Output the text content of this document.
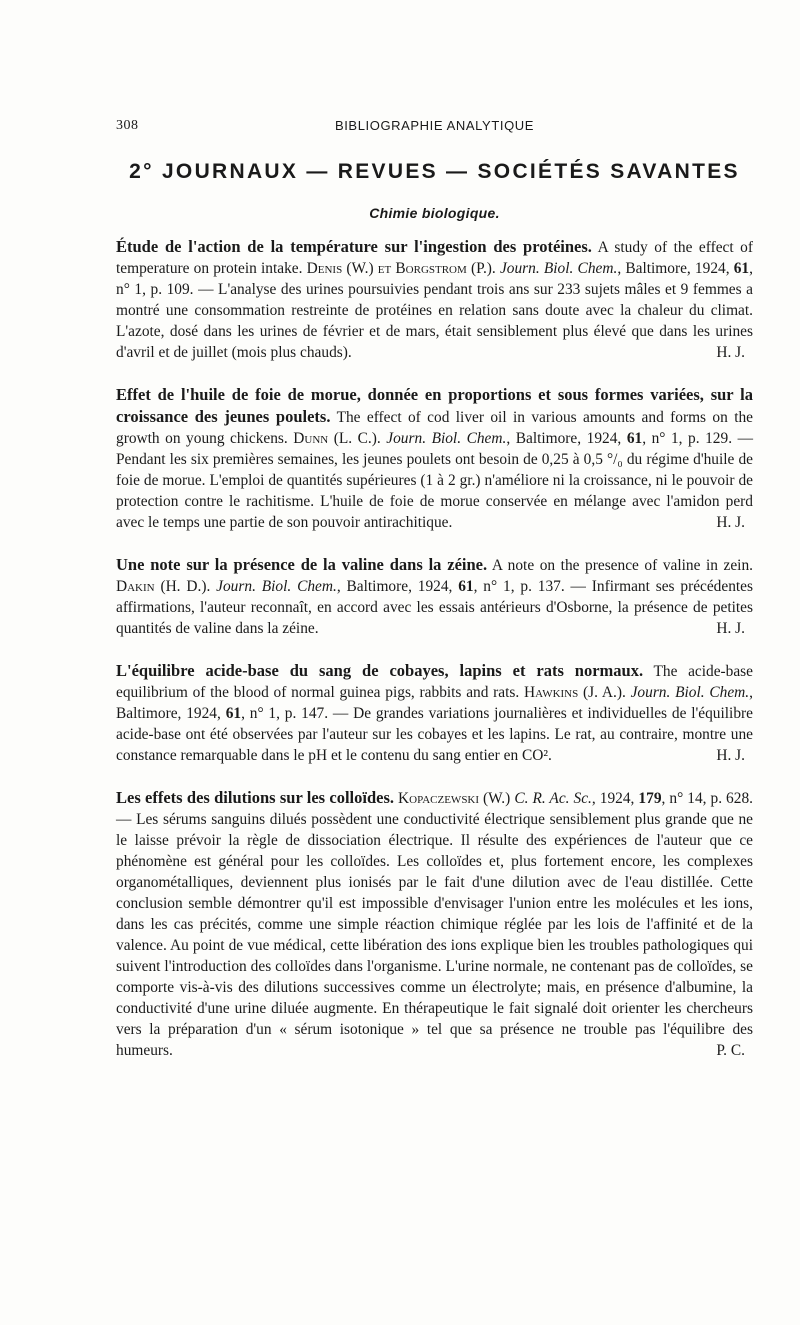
308	BIBLIOGRAPHIE ANALYTIQUE
2° JOURNAUX — REVUES — SOCIÉTÉS SAVANTES
Chimie biologique.

Étude de l'action de la température sur l'ingestion des protéines. A study of the effect of temperature on protein intake. Denis (W.) et Borgstrom (P.). Journ. Biol. Chem., Baltimore, 1924, 61, n° 1, p. 109. — L'analyse des urines poursuivies pendant trois ans sur 233 sujets mâles et 9 femmes a montré une consommation restreinte de protéines en relation sans doute avec la chaleur du climat. L'azote, dosé dans les urines de février et de mars, était sensiblement plus élevé que dans les urines d'avril et de juillet (mois plus chauds).	H. J.

Effet de l'huile de foie de morue, donnée en proportions et sous formes variées, sur la croissance des jeunes poulets. The effect of cod liver oil in various amounts and forms on the growth on young chickens. Dunn (L. C.). Journ. Biol. Chem., Baltimore, 1924, 61, n° 1, p. 129. — Pendant les six premières semaines, les jeunes poulets ont besoin de 0,25 à 0,5 °/₀ du régime d'huile de foie de morue. L'emploi de quantités supérieures (1 à 2 gr.) n'améliore ni la croissance, ni le pouvoir de protection contre le rachitisme. L'huile de foie de morue conservée en mélange avec l'amidon perd avec le temps une partie de son pouvoir antirachitique.	H. J.

Une note sur la présence de la valine dans la zéine. A note on the presence of valine in zein. Dakin (H. D.). Journ. Biol. Chem., Baltimore, 1924, 61, n° 1, p. 137. — Infirmant ses précédentes affirmations, l'auteur reconnaît, en accord avec les essais antérieurs d'Osborne, la présence de petites quantités de valine dans la zéine.	H. J.

L'équilibre acide-base du sang de cobayes, lapins et rats normaux. The acide-base equilibrium of the blood of normal guinea pigs, rabbits and rats. Hawkins (J. A.). Journ. Biol. Chem., Baltimore, 1924, 61, n° 1, p. 147. — De grandes variations journalières et individuelles de l'équilibre acide-base ont été observées par l'auteur sur les cobayes et les lapins. Le rat, au contraire, montre une constance remarquable dans le pH et le contenu du sang entier en CO².	H. J.

Les effets des dilutions sur les colloïdes. Kopaczewski (W.) C. R. Ac. Sc., 1924, 179, n° 14, p. 628. — Les sérums sanguins dilués possèdent une conductivité électrique sensiblement plus grande que ne le laisse prévoir la règle de dissociation électrique. Il résulte des expériences de l'auteur que ce phénomène est général pour les colloïdes. Les colloïdes et, plus fortement encore, les complexes organométalliques, deviennent plus ionisés par le fait d'une dilution avec de l'eau distillée. Cette conclusion semble démontrer qu'il est impossible d'envisager l'union entre les molécules et les ions, dans les cas précités, comme une simple réaction chimique réglée par les lois de l'affinité et de la valence. Au point de vue médical, cette libération des ions explique bien les troubles pathologiques qui suivent l'introduction des colloïdes dans l'organisme. L'urine normale, ne contenant pas de colloïdes, se comporte vis-à-vis des dilutions successives comme un électrolyte; mais, en présence d'albumine, la conductivité d'une urine diluée augmente. En thérapeutique le fait signalé doit orienter les chercheurs vers la préparation d'un « sérum isotonique » tel que sa présence ne trouble pas l'équilibre des humeurs.	P. C.
